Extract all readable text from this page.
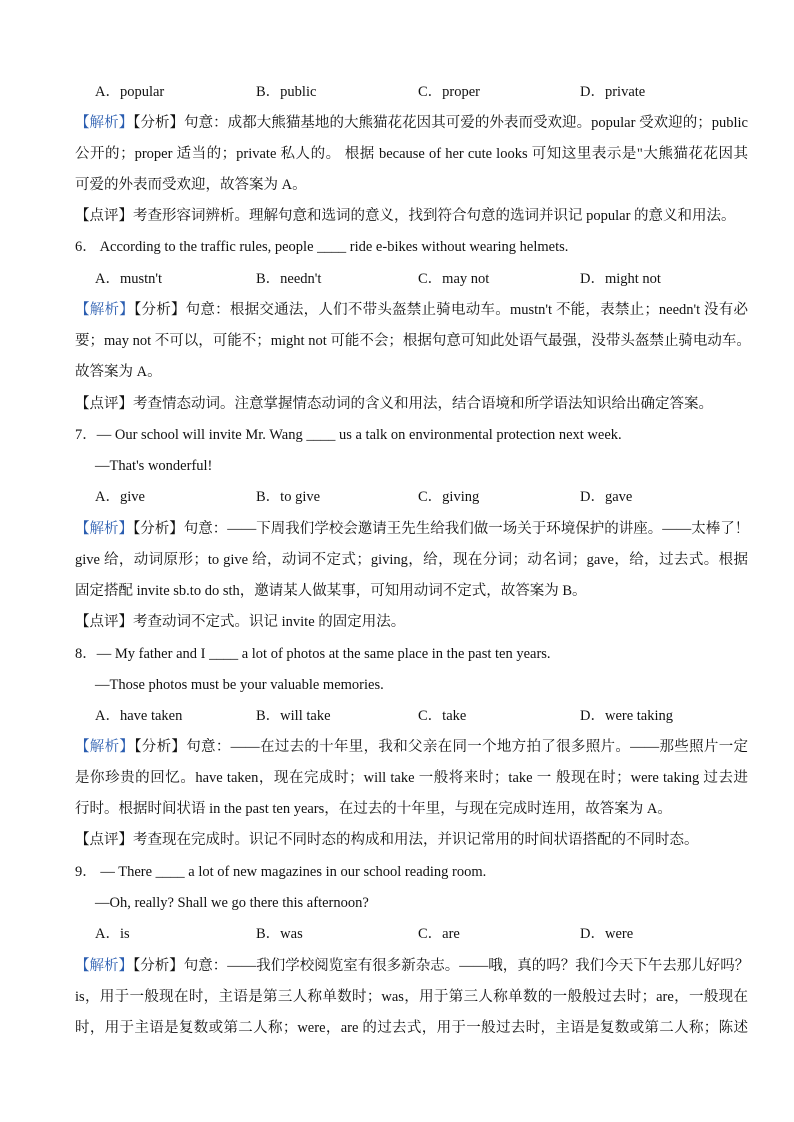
A．popular	B．public	C．proper	D．private
【解析】【分析】句意：成都大熊猫基地的大熊猫花花因其可爱的外表而受欢迎。popular 受欢迎的；public
公开的；proper 适当的；private 私人的。 根据 because of her cute looks 可知这里表示是"大熊猫花花因其
可爱的外表而受欢迎，故答案为 A。
【点评】考查形容词辨析。理解句意和选词的意义，找到符合句意的选词并识记 popular 的意义和用法。
6． According to the traffic rules, people ____ ride e-bikes without wearing helmets.
A．mustn't	B．needn't	C．may not	D．might not
【解析】【分析】句意：根据交通法，人们不带头盔禁止骑电动车。mustn't 不能，表禁止；needn't 没有必
要；may not 不可以，可能不；might not 可能不会；根据句意可知此处语气最强，没带头盔禁止骑电动车。
故答案为 A。
【点评】考查情态动词。注意掌握情态动词的含义和用法，结合语境和所学语法知识给出确定答案。
7．— Our school will invite Mr. Wang ____ us a talk on environmental protection next week.
—That's wonderful!
A．give	B．to give	C．giving	D．gave
【解析】【分析】句意：——下周我们学校会邀请王先生给我们做一场关于环境保护的讲座。——太棒了！
give 给，动词原形；to give 给，动词不定式；giving，给，现在分词；动名词；gave，给，过去式。根据
固定搭配 invite sb.to do sth，邀请某人做某事，可知用动词不定式，故答案为 B。
【点评】考查动词不定式。识记 invite 的固定用法。
8．— My father and I ____ a lot of photos at the same place in the past ten years.
—Those photos must be your valuable memories.
A．have taken	B．will take	C．take	D．were taking
【解析】【分析】句意：——在过去的十年里，我和父亲在同一个地方拍了很多照片。——那些照片一定
是你珍贵的回忆。have taken，现在完成时；will take 一般将来时；take 一 般现在时；were taking 过去进
行时。根据时间状语 in the past ten years，在过去的十年里，与现在完成时连用，故答案为 A。
【点评】考查现在完成时。识记不同时态的构成和用法，并识记常用的时间状语搭配的不同时态。
9． — There ____ a lot of new magazines in our school reading room.
—Oh, really? Shall we go there this afternoon?
A．is	B．was	C．are	D．were
【解析】【分析】句意：——我们学校阅览室有很多新杂志。——哦，真的吗？我们今天下午去那儿好吗？
is，用于一般现在时，主语是第三人称单数时；was，用于第三人称单数的一般般过去时；are，一般现在
时，用于主语是复数或第二人称；were，are 的过去式，用于一般过去时，主语是复数或第二人称；陈述
